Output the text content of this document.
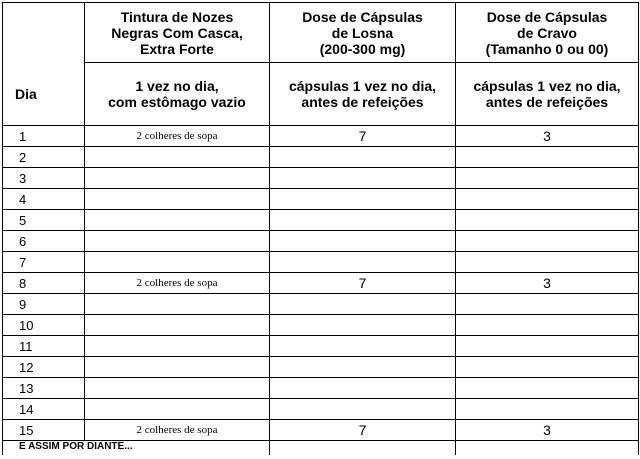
	Tintura de Nozes
Negras Com Casca,
Extra Forte	Dose de Cápsulas
de Losna
(200-300 mg)	Dose de Cápsulas
de Cravo
(Tamanho 0 ou 00)

Dia	1 vez no dia,
com estômago vazio	cápsulas 1 vez no dia,
antes de refeições	cápsulas 1 vez no dia,
antes de refeições

1	2 colheres de sopa	7	3
2			
3			
4			
5			
6			
7			
8	2 colheres de sopa	7	3
9			
10			
11			
12			
13			
14			
15	2 colheres de sopa	7	3
E ASSIM POR DIANTE...			
